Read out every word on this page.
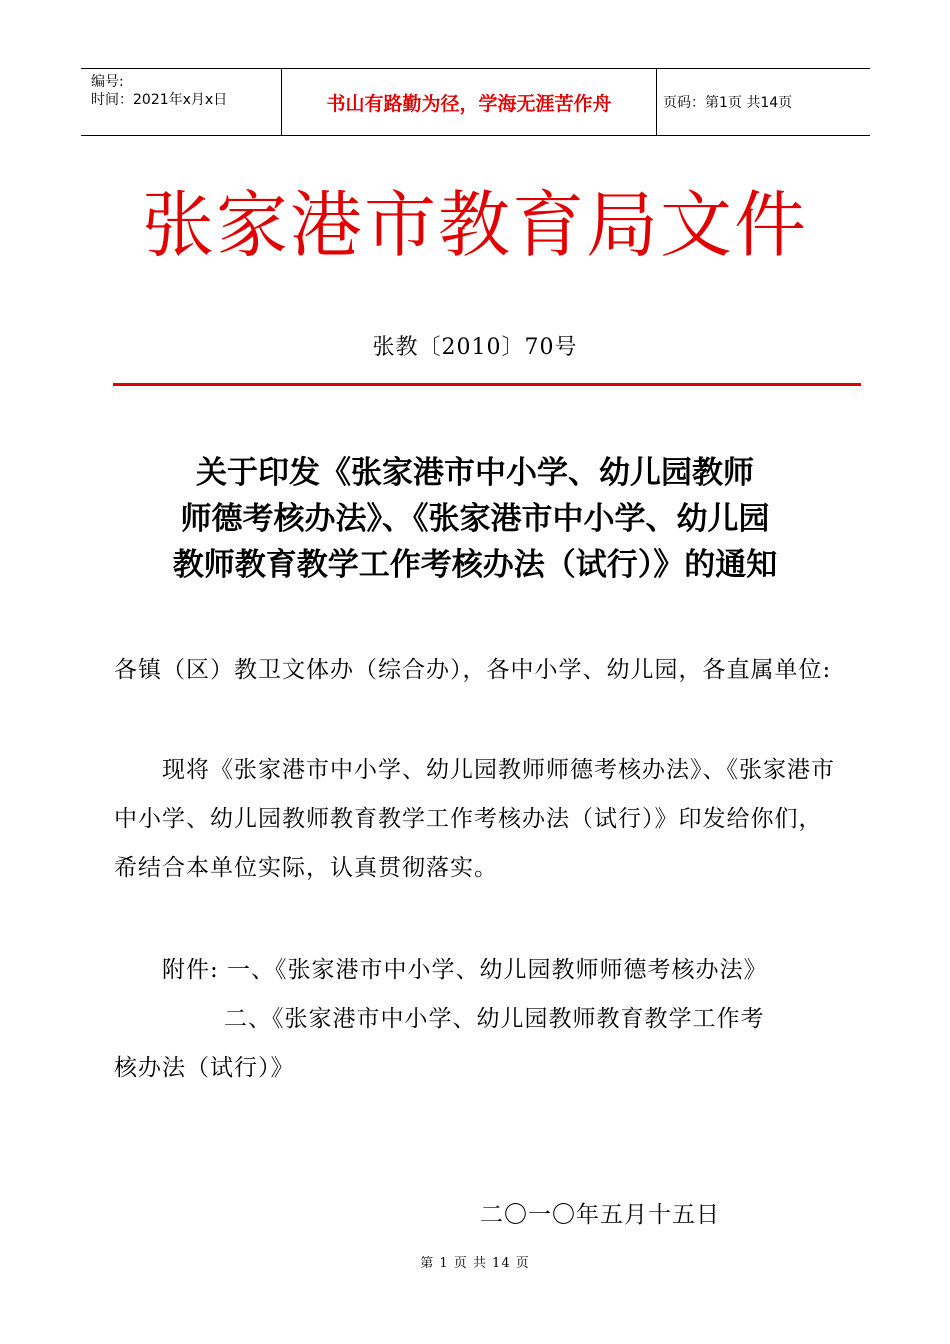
编号:
时间：2021年x月x日	书山有路勤为径，学海无涯苦作舟	页码：第1页 共14页
张家港市教育局文件
张教〔2010〕70号
关于印发《张家港市中小学、幼儿园教师
师德考核办法》、《张家港市中小学、幼儿园
教师教育教学工作考核办法（试行）》的通知

各镇（区）教卫文体办（综合办），各中小学、幼儿园，各直属单位:

现将《张家港市中小学、幼儿园教师师德考核办法》、《张家港市中小学、幼儿园教师教育教学工作考核办法（试行）》印发给你们，希结合本单位实际，认真贯彻落实。

附件: 一、《张家港市中小学、幼儿园教师师德考核办法》
二、《张家港市中小学、幼儿园教师教育教学工作考
核办法（试行）》
二〇一〇年五月十五日
第 1 页 共 14 页
